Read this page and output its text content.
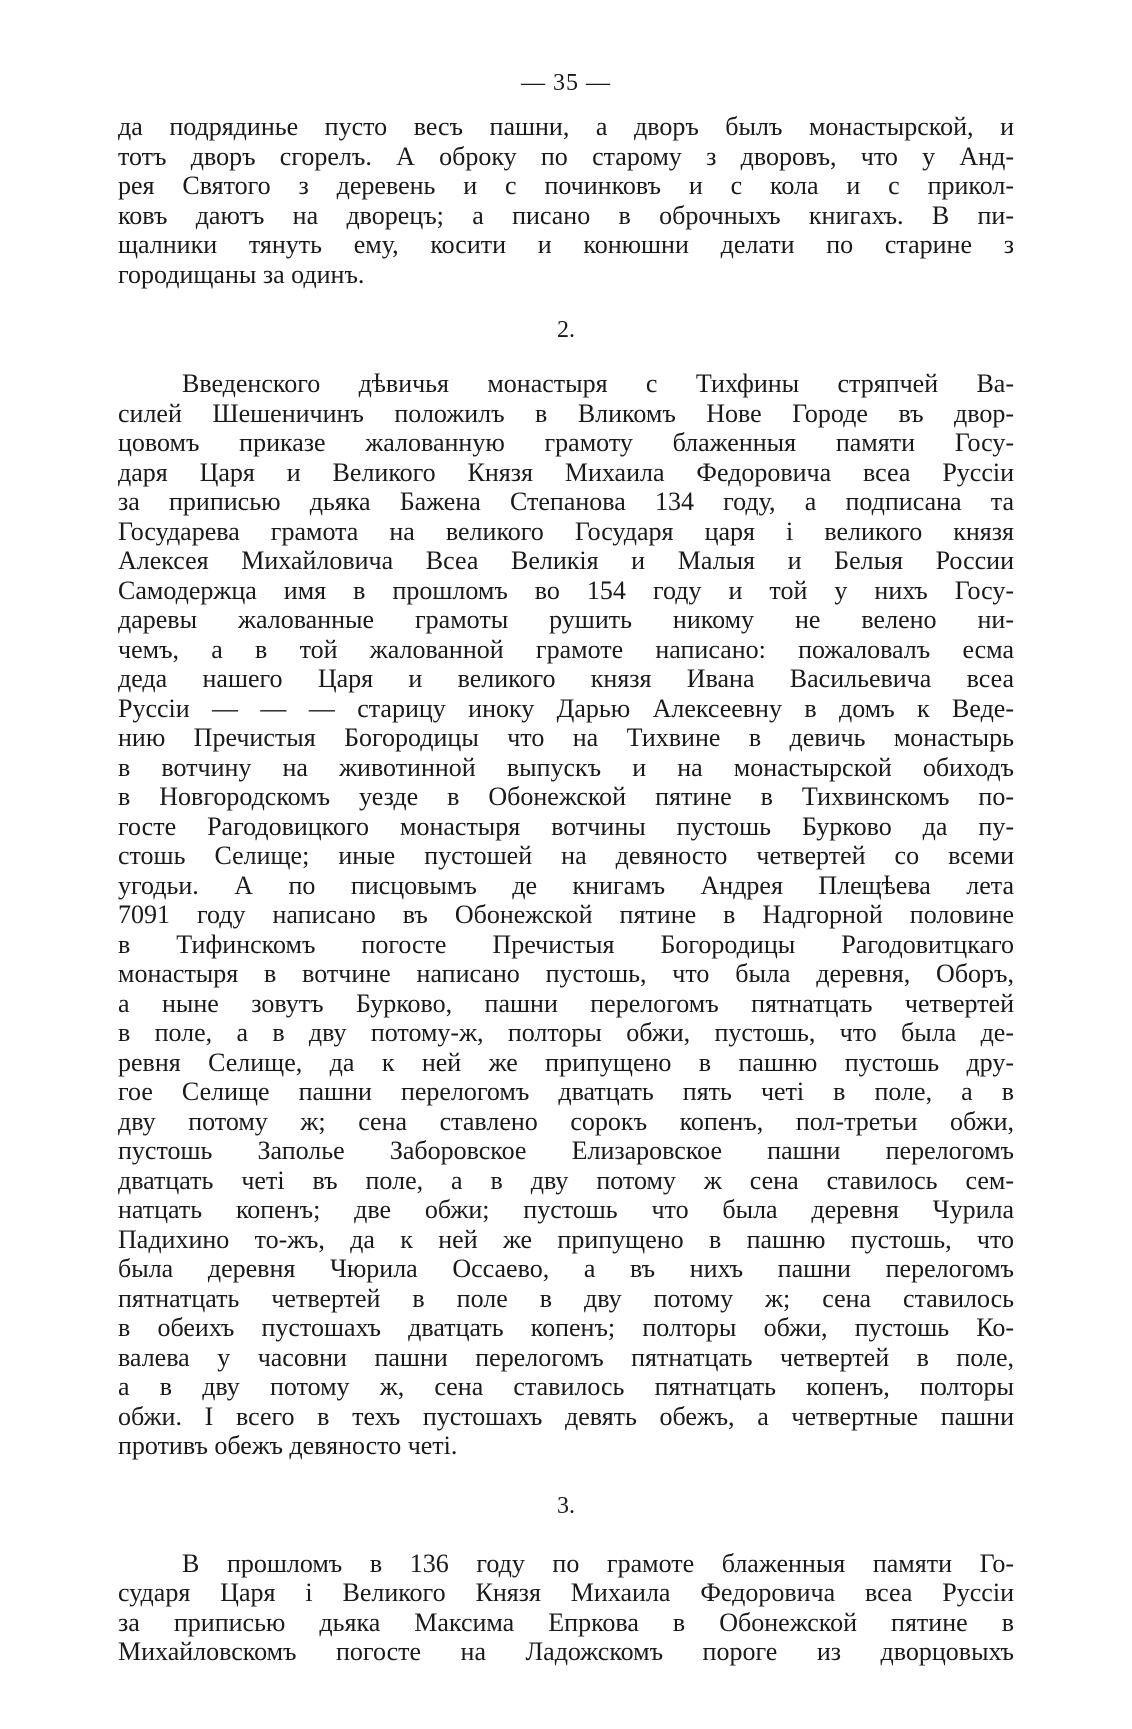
— 35 —
да подрядинье пусто весъ пашни, а дворъ былъ монастырской, и
тотъ дворъ сгорелъ. А оброку по старому з дворовъ, что у Анд-
рея Святого з деревень и с починковъ и с кола и с прикол-
ковъ даютъ на дворецъ; а писано в оброчныхъ книгахъ. В пи-
щалники тянуть ему, косити и конюшни делати по старине з
городищаны за одинъ.
2.
Введенского дѣвичья монастыря с Тихфины стряпчей Ва-
силей Шешеничинъ положилъ в Вликомъ Нове Городе въ двор-
цовомъ приказе жалованную грамоту блаженныя памяти Госу-
даря Царя и Великого Князя Михаила Федоровича всеа Руссiи
за приписью дьяка Бажена Степанова 134 году, а подписана та
Государева грамота на великого Государя царя і великого князя
Алексея Михайловича Всеа Великiя и Малыя и Белыя России
Самодержца имя в прошломъ во 154 году и той у нихъ Госу-
даревы жалованные грамоты рушить никому не велено ни-
чемъ, а в той жалованной грамоте написано: пожаловалъ есма
деда нашего Царя и великого князя Ивана Васильевича всеа
Руссiи — — — старицу иноку Дарью Алексеевну в домъ к Веде-
нию Пречистыя Богородицы что на Тихвине в девичь монастырь
в вотчину на животинной выпускъ и на монастырской обиходъ
в Новгородскомъ уезде в Обонежской пятине в Тихвинскомъ по-
госте Рагодовицкого монастыря вотчины пустошь Бурково да пу-
стошь Селище; иные пустошей на девяносто четвертей со всеми
угодьи. А по писцовымъ де книгамъ Андрея Плещѣева лета
7091 году написано въ Обонежской пятине в Надгорной половине
в Тифинскомъ погосте Пречистыя Богородицы Рагодовитцкаго
монастыря в вотчине написано пустошь, что была деревня, Оборъ,
а ныне зовутъ Бурково, пашни перелогомъ пятнатцать четвертей
в поле, а в дву потому-ж, полторы обжи, пустошь, что была де-
ревня Селище, да к ней же припущено в пашню пустошь дру-
гое Селище пашни перелогомъ дватцать пять четі в поле, а в
дву потому ж; сена ставлено сорокъ копенъ, пол-третьи обжи,
пустошь Заполье Заборовское Елизаровское пашни перелогомъ
дватцать четі въ поле, а в дву потому ж сена ставилось сем-
натцать копенъ; две обжи; пустошь что была деревня Чурила
Падихино то-жъ, да к ней же припущено в пашню пустошь, что
была деревня Чюрила Оссаево, а въ нихъ пашни перелогомъ
пятнатцать четвертей в поле в дву потому ж; сена ставилось
в обеихъ пустошахъ дватцать копенъ; полторы обжи, пустошь Ко-
валева у часовни пашни перелогомъ пятнатцать четвертей в поле,
а в дву потому ж, сена ставилось пятнатцать копенъ, полторы
обжи. І всего в техъ пустошахъ девять обежъ, а четвертные пашни
противъ обежъ девяносто четі.
3.
В прошломъ в 136 году по грамоте блаженныя памяти Го-
сударя Царя і Великого Князя Михаила Федоровича всеа Руссiи
за приписью дьяка Максима Епркова в Обонежской пятине в
Михайловскомъ погосте на Ладожскомъ пороге из дворцовыхъ
